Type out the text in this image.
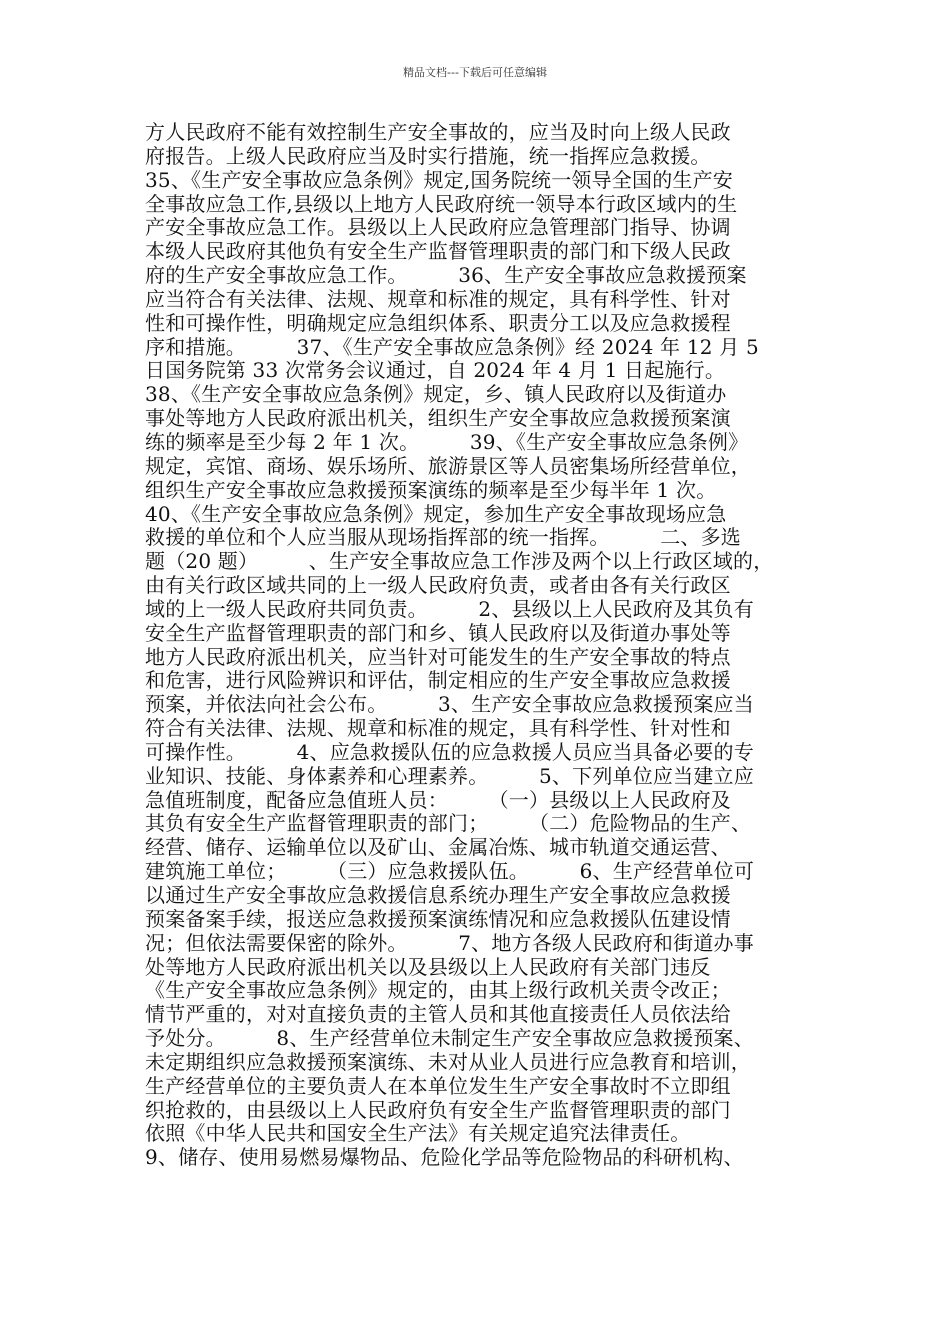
精品文档---下载后可任意编辑
方人民政府不能有效控制生产安全事故的，应当及时向上级人民政
府报告。上级人民政府应当及时实行措施，统一指挥应急救援。
35、《生产安全事故应急条例》规定,国务院统一领导全国的生产安
全事故应急工作,县级以上地方人民政府统一领导本行政区域内的生
产安全事故应急工作。县级以上人民政府应急管理部门指导、协调
本级人民政府其他负有安全生产监督管理职责的部门和下级人民政
府的生产安全事故应急工作。　　　36、生产安全事故应急救援预案
应当符合有关法律、法规、规章和标准的规定，具有科学性、针对
性和可操作性，明确规定应急组织体系、职责分工以及应急救援程
序和措施。　　　37、《生产安全事故应急条例》经 2024 年 12 月 5
日国务院第 33 次常务会议通过，自 2024 年 4 月 1 日起施行。
38、《生产安全事故应急条例》规定，乡、镇人民政府以及街道办
事处等地方人民政府派出机关，组织生产安全事故应急救援预案演
练的频率是至少每 2 年 1 次。　　　39、《生产安全事故应急条例》
规定，宾馆、商场、娱乐场所、旅游景区等人员密集场所经营单位，
组织生产安全事故应急救援预案演练的频率是至少每半年 1 次。
40、《生产安全事故应急条例》规定，参加生产安全事故现场应急
救援的单位和个人应当服从现场指挥部的统一指挥。　　　二、多选
题（20 题）　　　、生产安全事故应急工作涉及两个以上行政区域的，
由有关行政区域共同的上一级人民政府负责，或者由各有关行政区
域的上一级人民政府共同负责。　　　2、县级以上人民政府及其负有
安全生产监督管理职责的部门和乡、镇人民政府以及街道办事处等
地方人民政府派出机关，应当针对可能发生的生产安全事故的特点
和危害，进行风险辨识和评估，制定相应的生产安全事故应急救援
预案，并依法向社会公布。　　　3、生产安全事故应急救援预案应当
符合有关法律、法规、规章和标准的规定，具有科学性、针对性和
可操作性。　　　4、应急救援队伍的应急救援人员应当具备必要的专
业知识、技能、身体素养和心理素养。　　　5、下列单位应当建立应
急值班制度，配备应急值班人员：　　　（一）县级以上人民政府及
其负有安全生产监督管理职责的部门；　　　（二）危险物品的生产、
经营、储存、运输单位以及矿山、金属冶炼、城市轨道交通运营、
建筑施工单位；　　　（三）应急救援队伍。　　　6、生产经营单位可
以通过生产安全事故应急救援信息系统办理生产安全事故应急救援
预案备案手续，报送应急救援预案演练情况和应急救援队伍建设情
况；但依法需要保密的除外。　　　7、地方各级人民政府和街道办事
处等地方人民政府派出机关以及县级以上人民政府有关部门违反
《生产安全事故应急条例》规定的，由其上级行政机关责令改正；
情节严重的，对对直接负责的主管人员和其他直接责任人员依法给
予处分。　　　8、生产经营单位未制定生产安全事故应急救援预案、
未定期组织应急救援预案演练、未对从业人员进行应急教育和培训，
生产经营单位的主要负责人在本单位发生生产安全事故时不立即组
织抢救的，由县级以上人民政府负有安全生产监督管理职责的部门
依照《中华人民共和国安全生产法》有关规定追究法律责任。
9、储存、使用易燃易爆物品、危险化学品等危险物品的科研机构、
